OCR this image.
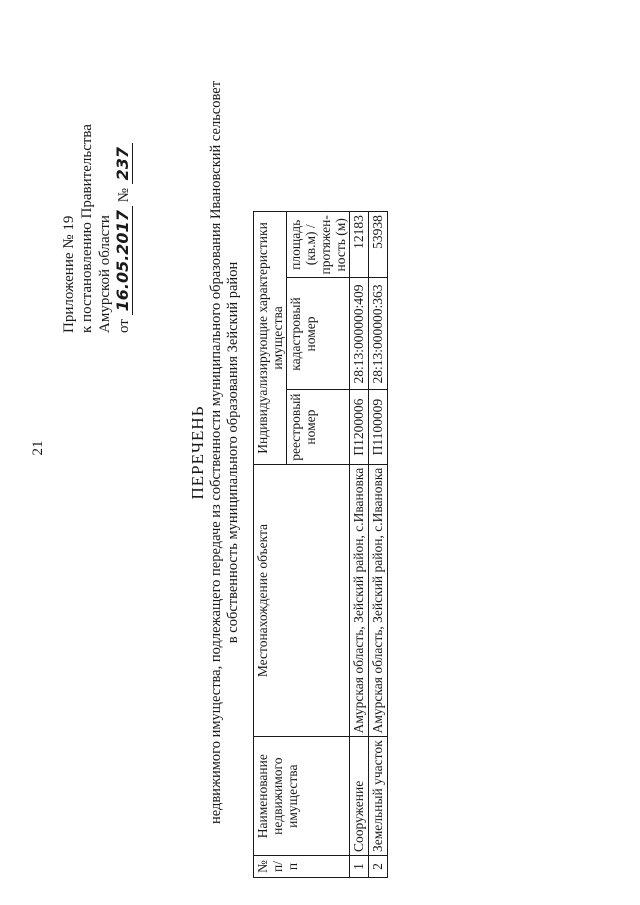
21
Приложение № 19 к постановлению Правительства Амурской области от 16.05.2017 № 237
ПЕРЕЧЕНЬ недвижимого имущества, подлежащего передаче из собственности муниципального образования Ивановский сельсовет в собственность муниципального образования Зейский район
№ п/п	Наименование недвижимого имущества	Местонахождение объекта	Индивидуализирующие характеристики имущества		
			реестровый номер	кадастровый номер	площадь (кв.м) / протяжен-ность (м)
1	Сооружение	Амурская область, Зейский район, с.Ивановка	П1200006	28:13:000000:409	12183
2	Земельный участок	Амурская область, Зейский район, с.Ивановка	П1100009	28:13:000000:363	53938
